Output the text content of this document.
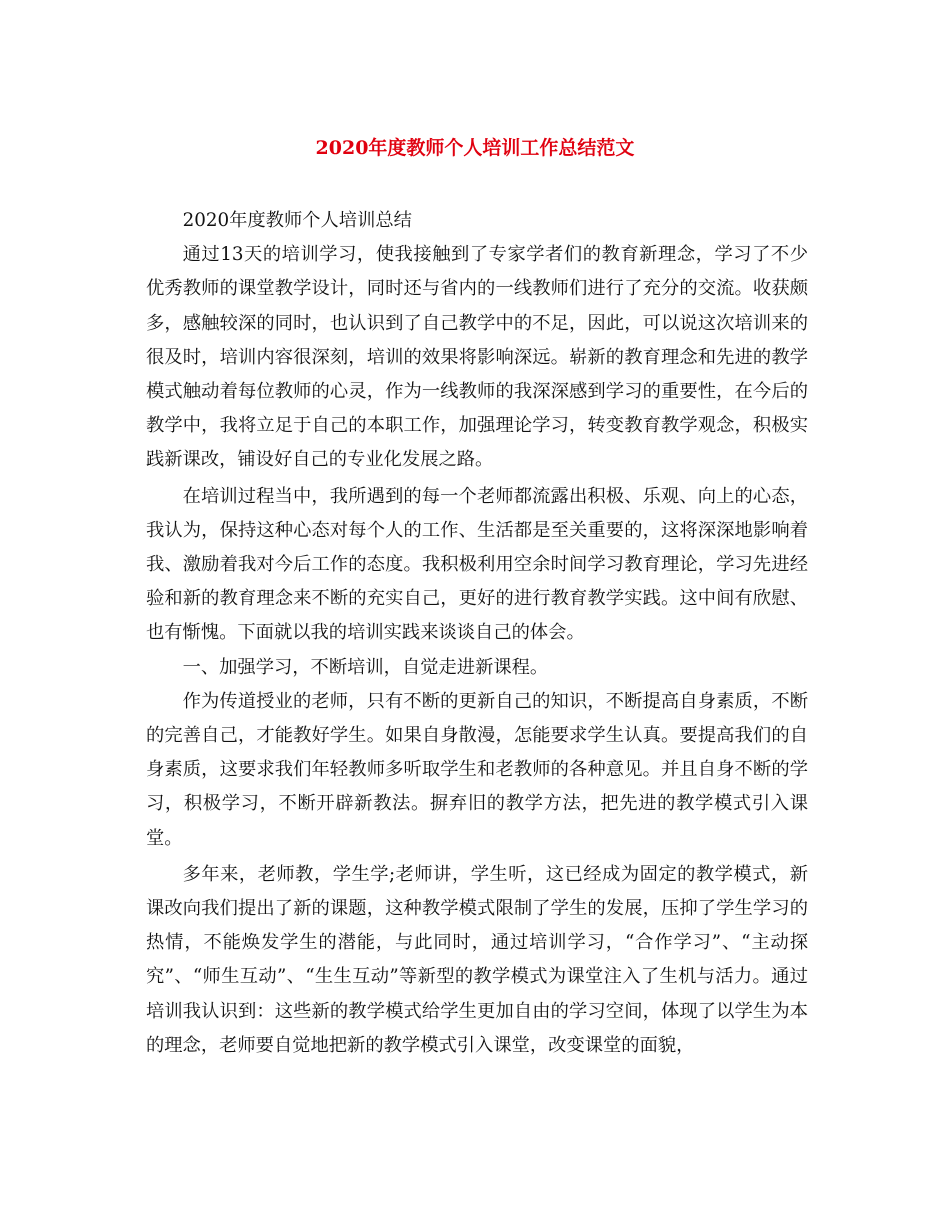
2020年度教师个人培训工作总结范文

2020年度教师个人培训总结

通过13天的培训学习，使我接触到了专家学者们的教育新理念，学习了不少优秀教师的课堂教学设计，同时还与省内的一线教师们进行了充分的交流。收获颇多，感触较深的同时，也认识到了自己教学中的不足，因此，可以说这次培训来的很及时，培训内容很深刻，培训的效果将影响深远。崭新的教育理念和先进的教学模式触动着每位教师的心灵，作为一线教师的我深深感到学习的重要性，在今后的教学中，我将立足于自己的本职工作，加强理论学习，转变教育教学观念，积极实践新课改，铺设好自己的专业化发展之路。

在培训过程当中，我所遇到的每一个老师都流露出积极、乐观、向上的心态，我认为，保持这种心态对每个人的工作、生活都是至关重要的，这将深深地影响着我、激励着我对今后工作的态度。我积极利用空余时间学习教育理论，学习先进经验和新的教育理念来不断的充实自己，更好的进行教育教学实践。这中间有欣慰、也有惭愧。下面就以我的培训实践来谈谈自己的体会。

一、加强学习，不断培训，自觉走进新课程。

作为传道授业的老师，只有不断的更新自己的知识，不断提高自身素质，不断的完善自己，才能教好学生。如果自身散漫，怎能要求学生认真。要提高我们的自身素质，这要求我们年轻教师多听取学生和老教师的各种意见。并且自身不断的学习，积极学习，不断开辟新教法。摒弃旧的教学方法，把先进的教学模式引入课堂。

多年来，老师教，学生学;老师讲，学生听，这已经成为固定的教学模式，新课改向我们提出了新的课题，这种教学模式限制了学生的发展，压抑了学生学习的热情，不能焕发学生的潜能，与此同时，通过培训学习，“合作学习”、“主动探究”、“师生互动”、“生生互动”等新型的教学模式为课堂注入了生机与活力。通过培训我认识到：这些新的教学模式给学生更加自由的学习空间，体现了以学生为本的理念，老师要自觉地把新的教学模式引入课堂，改变课堂的面貌，
